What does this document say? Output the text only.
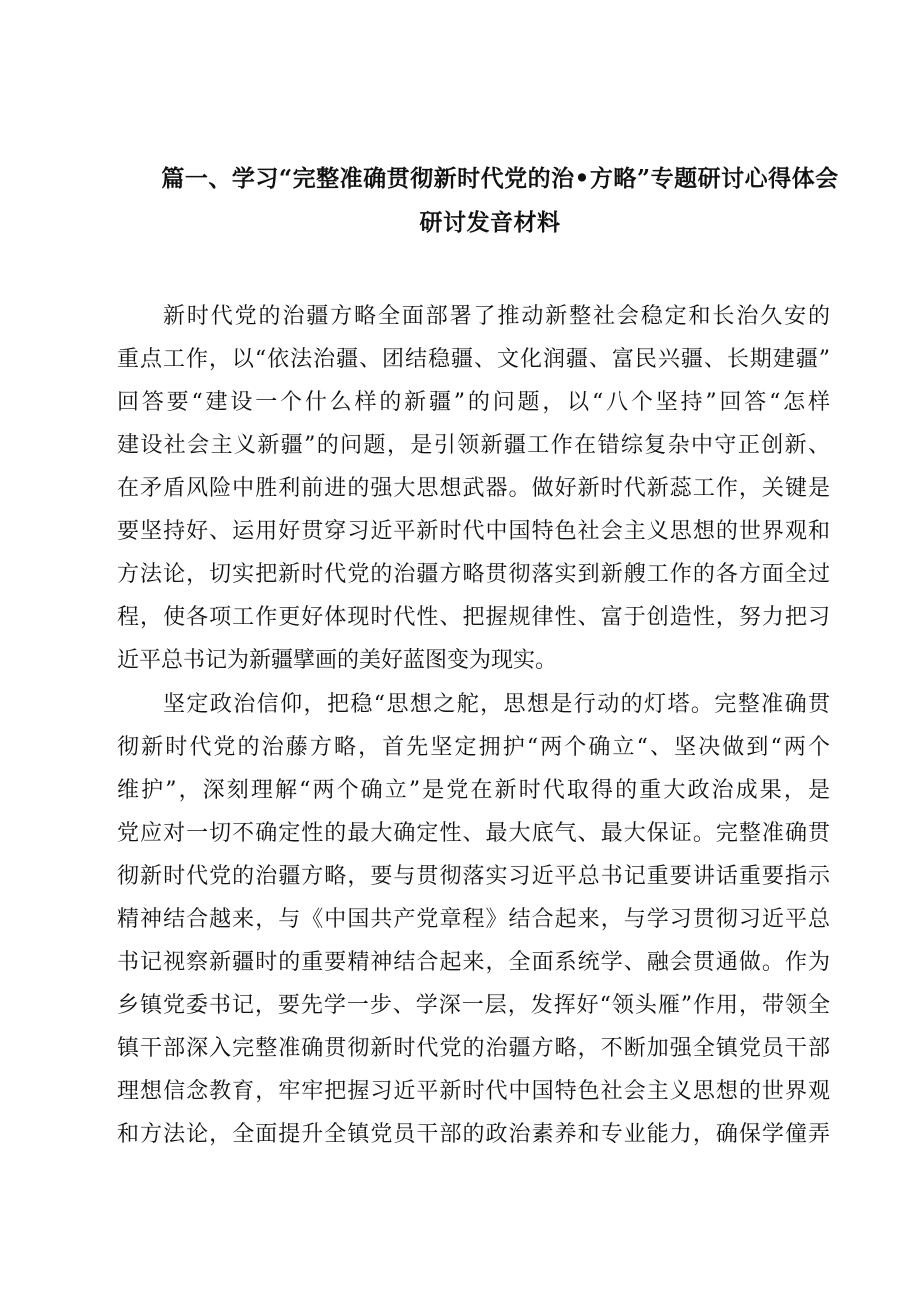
篇一、学习“完整准确贯彻新时代党的治•方略”专题研讨心得体会
研讨发音材料
新时代党的治疆方略全面部署了推动新整社会稳定和长治久安的
重点工作，以“依法治疆、团结稳疆、文化润疆、富民兴疆、长期建疆”
回答要“建设一个什么样的新疆”的问题，以“八个坚持”回答“怎样
建设社会主义新疆”的问题，是引领新疆工作在错综复杂中守正创新、
在矛盾风险中胜利前进的强大思想武器。做好新时代新蕊工作，关键是
要坚持好、运用好贯穿习近平新时代中国特色社会主义思想的世界观和
方法论，切实把新时代党的治疆方略贯彻落实到新艘工作的各方面全过
程，使各项工作更好体现时代性、把握规律性、富于创造性，努力把习
近平总书记为新疆擘画的美好蓝图变为现实。
坚定政治信仰，把稳“思想之舵，思想是行动的灯塔。完整准确贯
彻新时代党的治藤方略，首先坚定拥护“两个确立“、坚决做到“两个
维护”，深刻理解“两个确立”是党在新时代取得的重大政治成果，是
党应对一切不确定性的最大确定性、最大底气、最大保证。完整准确贯
彻新时代党的治疆方略，要与贯彻落实习近平总书记重要讲话重要指示
精神结合越来，与《中国共产党章程》结合起来，与学习贯彻习近平总
书记视察新疆时的重要精神结合起来，全面系统学、融会贯通做。作为
乡镇党委书记，要先学一步、学深一层，发挥好“领头雁”作用，带领全
镇干部深入完整准确贯彻新时代党的治疆方略，不断加强全镇党员干部
理想信念教育，牢牢把握习近平新时代中国特色社会主义思想的世界观
和方法论，全面提升全镇党员干部的政治素养和专业能力，确保学僮弄
